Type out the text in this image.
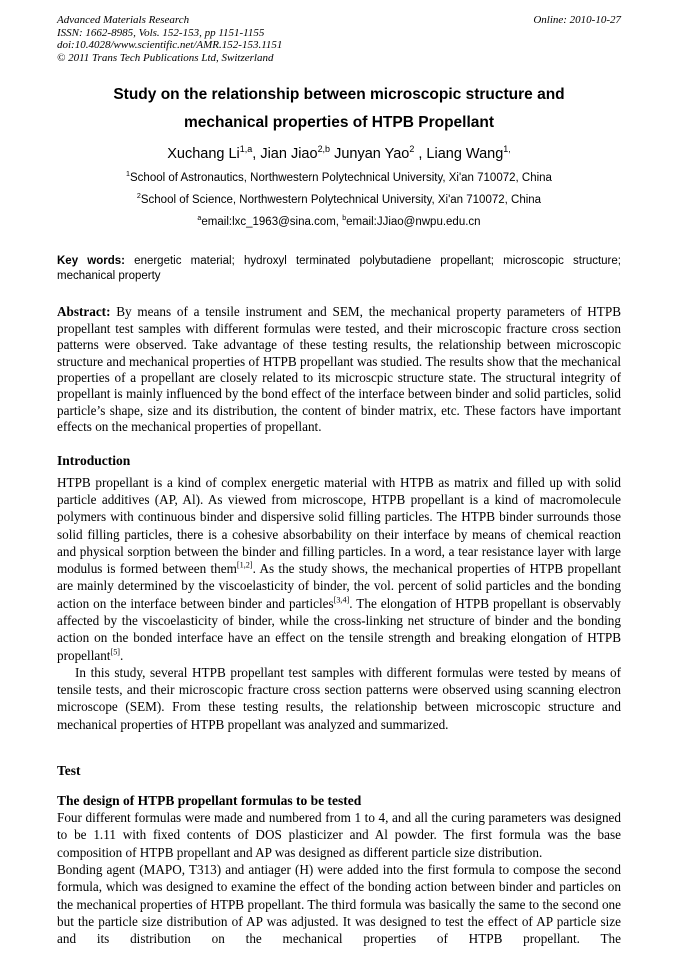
Advanced Materials Research
ISSN: 1662-8985, Vols. 152-153, pp 1151-1155
doi:10.4028/www.scientific.net/AMR.152-153.1151
© 2011 Trans Tech Publications Ltd, Switzerland
Online: 2010-10-27
Study on the relationship between microscopic structure and
mechanical properties of HTPB Propellant
Xuchang Li$^{1,a}$, Jian Jiao$^{2,b}$ Junyan Yao$^2$ , Liang Wang$^{1,}$
$^1$School of Astronautics, Northwestern Polytechnical University, Xi'an 710072, China
$^2$School of Science, Northwestern Polytechnical University, Xi'an 710072, China
$^a$email:lxc_1963@sina.com, $^b$email:JJiao@nwpu.edu.cn

Key words: energetic material; hydroxyl terminated polybutadiene propellant; microscopic structure; mechanical property

Abstract: By means of a tensile instrument and SEM, the mechanical property parameters of HTPB propellant test samples with different formulas were tested, and their microscopic fracture cross section patterns were observed. Take advantage of these testing results, the relationship between microscopic structure and mechanical properties of HTPB propellant was studied. The results show that the mechanical properties of a propellant are closely related to its microscpic structure state. The structural integrity of propellant is mainly influenced by the bond effect of the interface between binder and solid particles, solid particle’s shape, size and its distribution, the content of binder matrix, etc. These factors have important effects on the mechanical properties of propellant.

Introduction

HTPB propellant is a kind of complex energetic material with HTPB as matrix and filled up with solid particle additives (AP, Al). As viewed from microscope, HTPB propellant is a kind of macromolecule polymers with continuous binder and dispersive solid filling particles. The HTPB binder surrounds those solid filling particles, there is a cohesive absorbability on their interface by means of chemical reaction and physical sorption between the binder and filling particles. In a word, a tear resistance layer with large modulus is formed between them[1,2]. As the study shows, the mechanical properties of HTPB propellant are mainly determined by the viscoelasticity of binder, the vol. percent of solid particles and the bonding action on the interface between binder and particles[3,4]. The elongation of HTPB propellant is observably affected by the viscoelasticity of binder, while the cross-linking net structure of binder and the bonding action on the bonded interface have an effect on the tensile strength and breaking elongation of HTPB propellant[5].

In this study, several HTPB propellant test samples with different formulas were tested by means of tensile tests, and their microscopic fracture cross section patterns were observed using scanning electron microscope (SEM). From these testing results, the relationship between microscopic structure and mechanical properties of HTPB propellant was analyzed and summarized.

Test
The design of HTPB propellant formulas to be tested

Four different formulas were made and numbered from 1 to 4, and all the curing parameters was designed to be 1.11 with fixed contents of DOS plasticizer and Al powder. The first formula was the base composition of HTPB propellant and AP was designed as different particle size distribution.

Bonding agent (MAPO, T313) and antiager (H) were added into the first formula to compose the second formula, which was designed to examine the effect of the bonding action between binder and particles on the mechanical properties of HTPB propellant. The third formula was basically the same to the second one but the particle size distribution of AP was adjusted. It was designed to test the effect of AP particle size and its distribution on the mechanical properties of HTPB propellant. The
